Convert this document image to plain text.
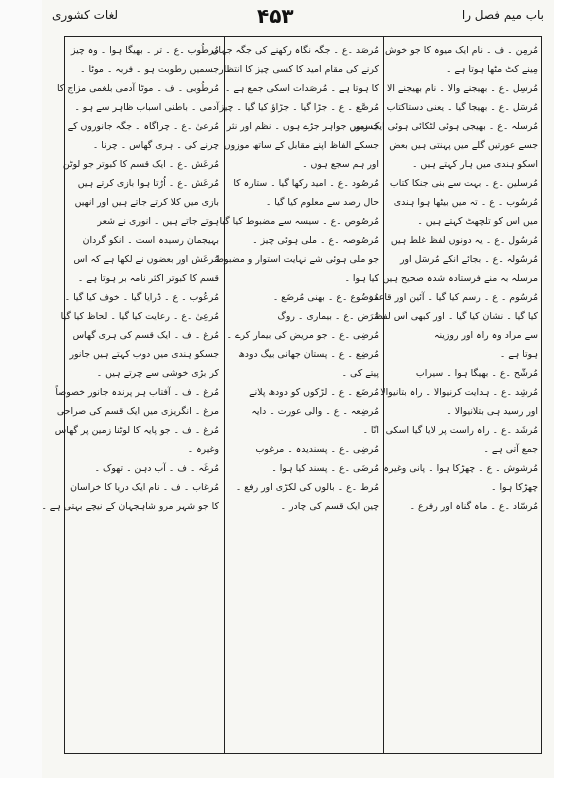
لغات کشوری	۴۵۳	باب میم فصل را
مُرمِن ۔ ف ۔ نام ایک میوہ کا جو خوش
مِینے کٹ مٹھا ہوتا ہے ۔
مُرسِل ۔ع ۔ بھیجنے والا ۔ نام بھیجنے الا
مُرسَل ۔ع ۔ بھیجا گیا ۔ یعنی دستاکتاب
مُرسلہ ۔ع ۔ بھیجی ہوئی لٹکائی ہوئی ایک زیور
جسے عورتیں گلے میں پہنتی ہیں بعض
اسکو ہندی میں ہار کہتے ہیں ۔
مُرسلین ۔ع ۔ بہت سے بنی جنکا کتاب
مُرسُوب ۔ ع ۔ تہ میں بیٹھا ہوا ہندی
میں اس کو تلچھٹ کہتے ہیں ۔
مُرسُول ۔ع ۔ یہ دونوں لفظ غلط ہیں
مُرسُولہ ۔ع ۔ بجائے انکے مُرسَل اور
مرسلہ بہ منے فرستادہ شدہ صحیح ہیں ۔
مُرسُوم ۔ ع ۔ رسم کیا گیا ۔ آئین اور قاعدہ
کیا گیا ۔ نشان کیا گیا ۔ اور کبھی اس لفظ
سے مراد وہ راہ اور روزینہ
ہوتا ہے ۔
مُرشّح ۔ع ۔ بھیگا ہوا ۔ سیراب
مُرشِد ۔ع ۔ ہدایت کرنیوالا ۔ راہ بتانیوالا
اور رسید ہی بتلانیوالا ۔
مُرشَد ۔ع ۔ راہ راست پر لایا گیا اسکی
جمع آتی ہے ۔
مُرشوش ۔ ع ۔ چھڑکا ہوا ۔ پانی وغیرہ
چھڑکا ہوا ۔
مُرسّاد ۔ع ۔ ماہ گناہ اور رفرع ۔
مُرصَد ۔ع ۔ جگہ نگاہ رکھنے کی جگہ جہاں
کرنے کی مقام امید کا کسی چیز کا انتظار
کا ہوتا ہے ۔ مُرصَدات اسکی جمع ہے ۔
مُرصَّع ۔ ع ۔ جڑا گیا ۔ جڑاؤ کیا گیا ۔ چیز
جسمیں جواہر جڑے ہوں ۔ نظم اور نثر
جسکے الفاظ اپنے مقابل کے ساتھ موزوں
اور ہم سجع ہوں ۔
مُرصُود ۔ع ۔ امید رکھا گیا ۔ ستارہ کا
حال رصد سے معلوم کیا گیا ۔
مُرصُوص ۔ع ۔ سیسہ سے مضبوط کیا گیا ۔
مُرصُوصہ ۔ع ۔ ملی ہوئی چیز ۔
جو ملی ہوئی شے نہایت استوار و مضبوط
کیا ہوا ۔
مُرضُوع ۔ع ۔ بھنی مُرضَع ۔
مُرَض ۔ع ۔ بیماری ۔ روگ
مُرضِی ۔ع ۔ جو مریض کی بیمار کرے ۔
مُرضِع ۔ ع ۔ پستان جھانی بیگ دودھ
پیتے کی ۔
مُرضَع ۔ ع ۔ لڑکوں کو دودھ پلانے
مُرضِعہ ۔ ع ۔ والی عورت ۔ دایہ
انّا ۔
مُرضِی ۔ع ۔ پسندیدہ ۔ مرغوب
مُرضَی ۔ع ۔ پسند کیا ہوا ۔
مُرط ۔ع ۔ بالوں کی لکڑی اور رفع ۔
چین ایک قسم کی چادر ۔
مُرطُوب ۔ع ۔ تر ۔ بھیگا ہوا ۔ وہ چیز
جسمیں رطوبت ہو ۔ فربہ ۔ موٹا ۔
مُرطُوبی ۔ ف ۔ موٹا آدمی بلغمی مزاج کا
آدمی ۔ باطنی اسباب ظاہر سے ہو ۔
مُرعیٰ ۔ع ۔ چراگاہ ۔ جگہ جانوروں کے
چرنے کی ۔ ہری گھاس ۔ چرنا ۔
مُرعَش ۔ع ۔ ایک قسم کا کبوتر جو لوٹن
مُرعَش ۔ع ۔ اُڑتا ہوا بازی کرتے ہیں
بازی میں کلا کرتے جاتے ہیں اور انھیں
ہوتے جاتے ہیں ۔ انوری نے شعر
بہیجمان رسیدہ است ۔ انکو گردان
مُرعَش اور بعضوں نے لکھا ہے کہ اس
قسم کا کبوتر اکثر نامہ بر ہوتا ہے ۔
مُرعُوب ۔ ع ۔ ڈرایا گیا ۔ خوف کیا گیا ۔
مُرعِیٰ ۔ع ۔ رعایت کیا گیا ۔ لحاظ کیا گیا
مُرغ ۔ ف ۔ ایک قسم کی ہری گھاس
جسکو ہندی میں دوب کہتے ہیں جانور
کر بڑی خوشی سے چرتے ہیں ۔
مُرغ ۔ ف ۔ آفتاب ہر پرندہ جانور خصوصاً
مرغ ۔ انگریزی میں ایک قسم کی صراحی
مُرغ ۔ ف ۔ جو پایہ کا لوٹنا زمین پر گھاس
وغیرہ ۔
مُرغَہ ۔ ف ۔ آب دہن ۔ تھوک ۔
مُرغاب ۔ ف ۔ نام ایک دریا کا خراسان
کا جو شہر مرو شاہجہان کے نیچے بہتی ہے ۔
